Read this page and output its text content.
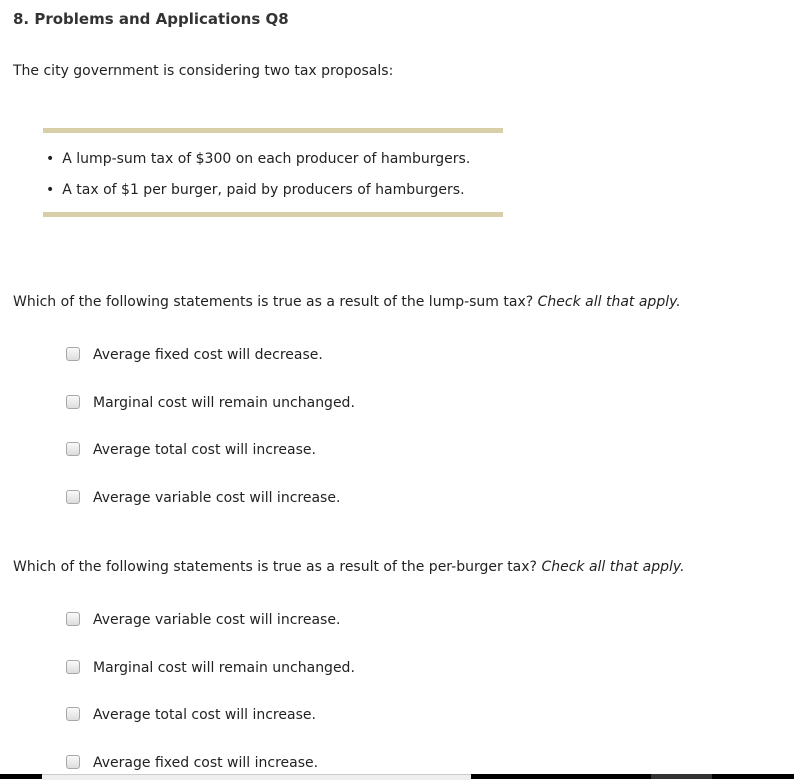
8. Problems and Applications Q8
The city government is considering two tax proposals:
• A lump-sum tax of $300 on each producer of hamburgers.
• A tax of $1 per burger, paid by producers of hamburgers.
Which of the following statements is true as a result of the lump-sum tax? Check all that apply.
Average fixed cost will decrease.
Marginal cost will remain unchanged.
Average total cost will increase.
Average variable cost will increase.
Which of the following statements is true as a result of the per-burger tax? Check all that apply.
Average variable cost will increase.
Marginal cost will remain unchanged.
Average total cost will increase.
Average fixed cost will increase.
